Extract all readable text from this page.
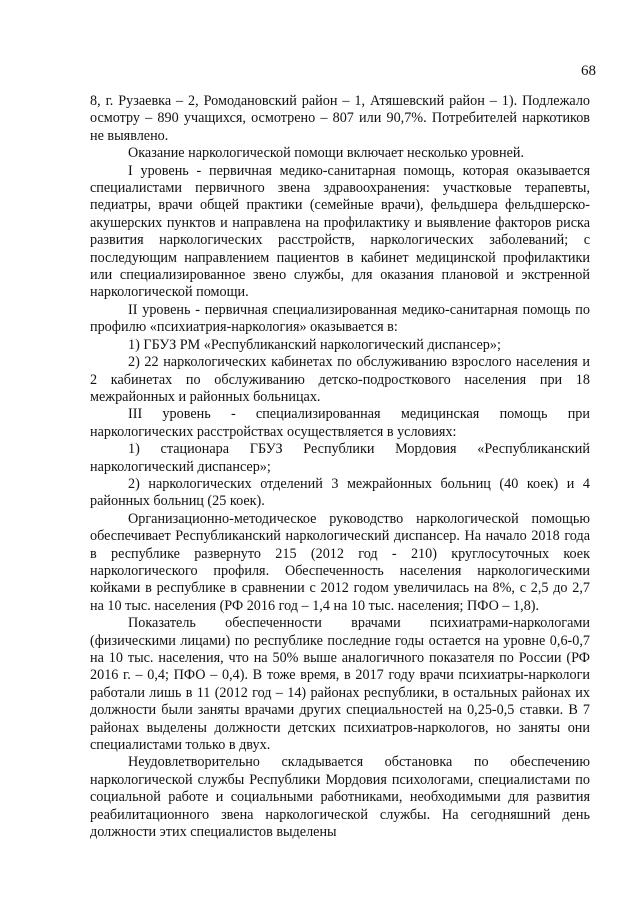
68

8, г. Рузаевка – 2, Ромодановский район – 1, Атяшевский район – 1). Подлежало осмотру – 890 учащихся, осмотрено – 807 или 90,7%. Потребителей наркотиков не выявлено.

Оказание наркологической помощи включает несколько уровней.

I уровень - первичная медико-санитарная помощь, которая оказывается специалистами первичного звена здравоохранения: участковые терапевты, педиатры, врачи общей практики (семейные врачи), фельдшера фельдшерско-акушерских пунктов и направлена на профилактику и выявление факторов риска развития наркологических расстройств, наркологических заболеваний; с последующим направлением пациентов в кабинет медицинской профилактики или специализированное звено службы, для оказания плановой и экстренной наркологической помощи.

II уровень - первичная специализированная медико-санитарная помощь по профилю «психиатрия-наркология» оказывается в:

1) ГБУЗ РМ «Республиканский наркологический диспансер»;

2) 22 наркологических кабинетах по обслуживанию взрослого населения и 2 кабинетах по обслуживанию детско-подросткового населения при 18 межрайонных и районных больницах.

III уровень - специализированная медицинская помощь при наркологических расстройствах осуществляется в условиях:

1) стационара ГБУЗ Республики Мордовия «Республиканский наркологический диспансер»;

2) наркологических отделений 3 межрайонных больниц (40 коек) и 4 районных больниц (25 коек).

Организационно-методическое руководство наркологической помощью обеспечивает Республиканский наркологический диспансер. На начало 2018 года в республике развернуто 215 (2012 год - 210) круглосуточных коек наркологического профиля. Обеспеченность населения наркологическими койками в республике в сравнении с 2012 годом увеличилась на 8%, с 2,5 до 2,7 на 10 тыс. населения (РФ 2016 год – 1,4 на 10 тыс. населения; ПФО – 1,8).

Показатель обеспеченности врачами психиатрами-наркологами (физическими лицами) по республике последние годы остается на уровне 0,6-0,7 на 10 тыс. населения, что на 50% выше аналогичного показателя по России (РФ 2016 г. – 0,4; ПФО – 0,4). В тоже время, в 2017 году врачи психиатры-наркологи работали лишь в 11 (2012 год – 14) районах республики, в остальных районах их должности были заняты врачами других специальностей на 0,25-0,5 ставки. В 7 районах выделены должности детских психиатров-наркологов, но заняты они специалистами только в двух.

Неудовлетворительно складывается обстановка по обеспечению наркологической службы Республики Мордовия психологами, специалистами по социальной работе и социальными работниками, необходимыми для развития реабилитационного звена наркологической службы. На сегодняшний день должности этих специалистов выделены
